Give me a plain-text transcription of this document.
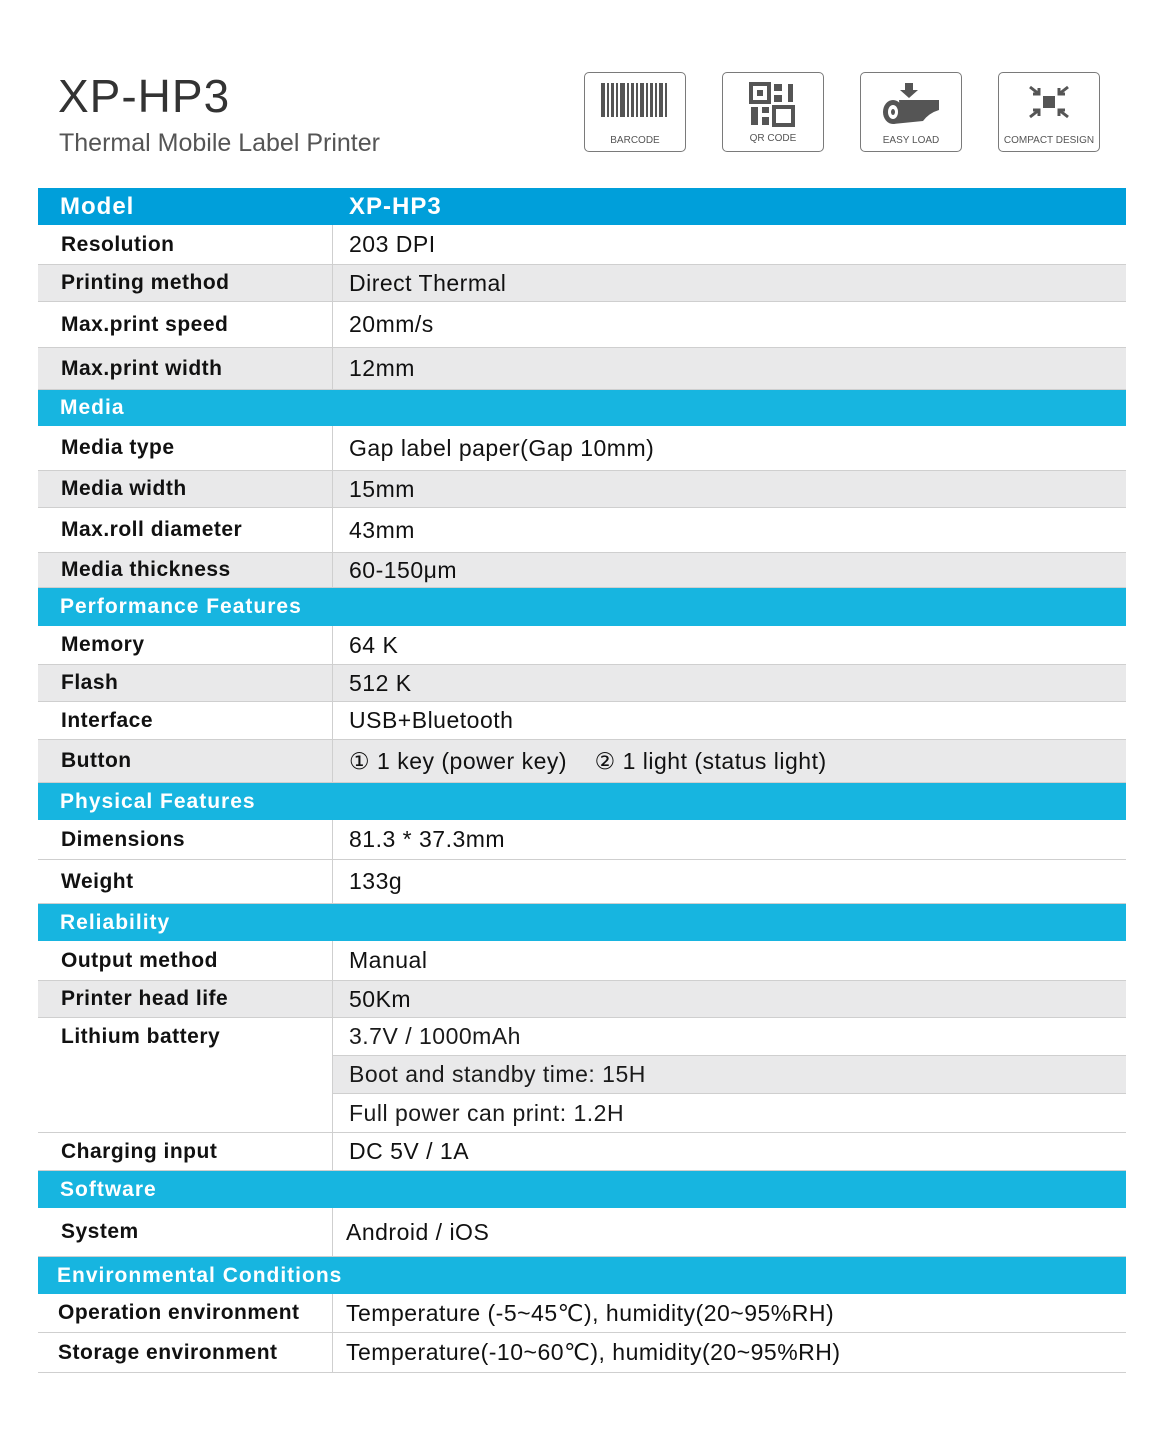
XP-HP3
Thermal Mobile Label Printer	BARCODE	QR CODE	EASY LOAD	COMPACT DESIGN
Model	XP-HP3
Resolution	203 DPI
Printing method	Direct Thermal
Max.print speed	20mm/s
Max.print width	12mm
Media
Media type	Gap label paper(Gap 10mm)
Media width	15mm
Max.roll diameter	43mm
Media thickness	60-150μm
Performance Features
Memory	64 K
Flash	512 K
Interface	USB+Bluetooth
Button	① 1 key (power key)    ② 1 light (status light)
Physical Features
Dimensions	81.3 * 37.3mm
Weight	133g
Reliability
Output method	Manual
Printer head life	50Km
Lithium battery	3.7V / 1000mAh
Boot and standby time: 15H
Full power can print: 1.2H
Charging input	DC 5V / 1A
Software
System	Android / iOS
Environmental Conditions
Operation environment	Temperature (-5~45℃), humidity(20~95%RH)
Storage environment	Temperature(-10~60℃), humidity(20~95%RH)
